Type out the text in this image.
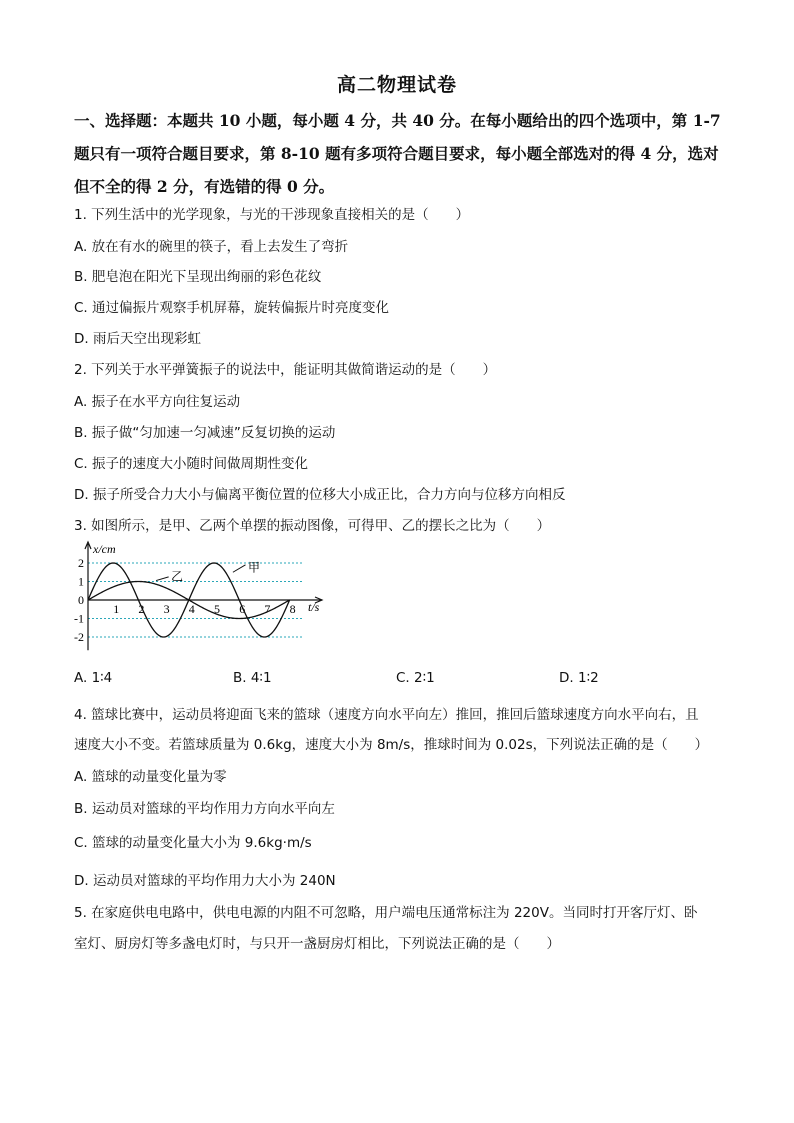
高二物理试卷
一、选择题：本题共 10 小题，每小题 4 分，共 40 分。在每小题给出的四个选项中，第 1-7 题只有一项符合题目要求，第 8-10 题有多项符合题目要求，每小题全部选对的得 4 分，选对但不全的得 2 分，有选错的得 0 分。
1. 下列生活中的光学现象，与光的干涉现象直接相关的是（　　）
A. 放在有水的碗里的筷子，看上去发生了弯折
B. 肥皂泡在阳光下呈现出绚丽的彩色花纹
C. 通过偏振片观察手机屏幕，旋转偏振片时亮度变化
D. 雨后天空出现彩虹
2. 下列关于水平弹簧振子的说法中，能证明其做简谐运动的是（　　）
A. 振子在水平方向往复运动
B. 振子做“匀加速一匀减速”反复切换的运动
C. 振子的速度大小随时间做周期性变化
D. 振子所受合力大小与偏离平衡位置的位移大小成正比，合力方向与位移方向相反
3. 如图所示，是甲、乙两个单摆的振动图像，可得甲、乙的摆长之比为（　　）
x/cm
t/s
2
1
0
-1
-2
1 2 3 4 5 6 7 8
甲
乙
A. 1∶4	B. 4∶1	C. 2∶1	D. 1∶2
4. 篮球比赛中，运动员将迎面飞来的篮球（速度方向水平向左）推回，推回后篮球速度方向水平向右，且
速度大小不变。若篮球质量为 0.6kg，速度大小为 8m/s，推球时间为 0.02s，下列说法正确的是（　　）
A. 篮球的动量变化量为零
B. 运动员对篮球的平均作用力方向水平向左
C. 篮球的动量变化量大小为 9.6kg·m/s
D. 运动员对篮球的平均作用力大小为 240N
5. 在家庭供电电路中，供电电源的内阻不可忽略，用户端电压通常标注为 220V。当同时打开客厅灯、卧
室灯、厨房灯等多盏电灯时，与只开一盏厨房灯相比，下列说法正确的是（　　）
